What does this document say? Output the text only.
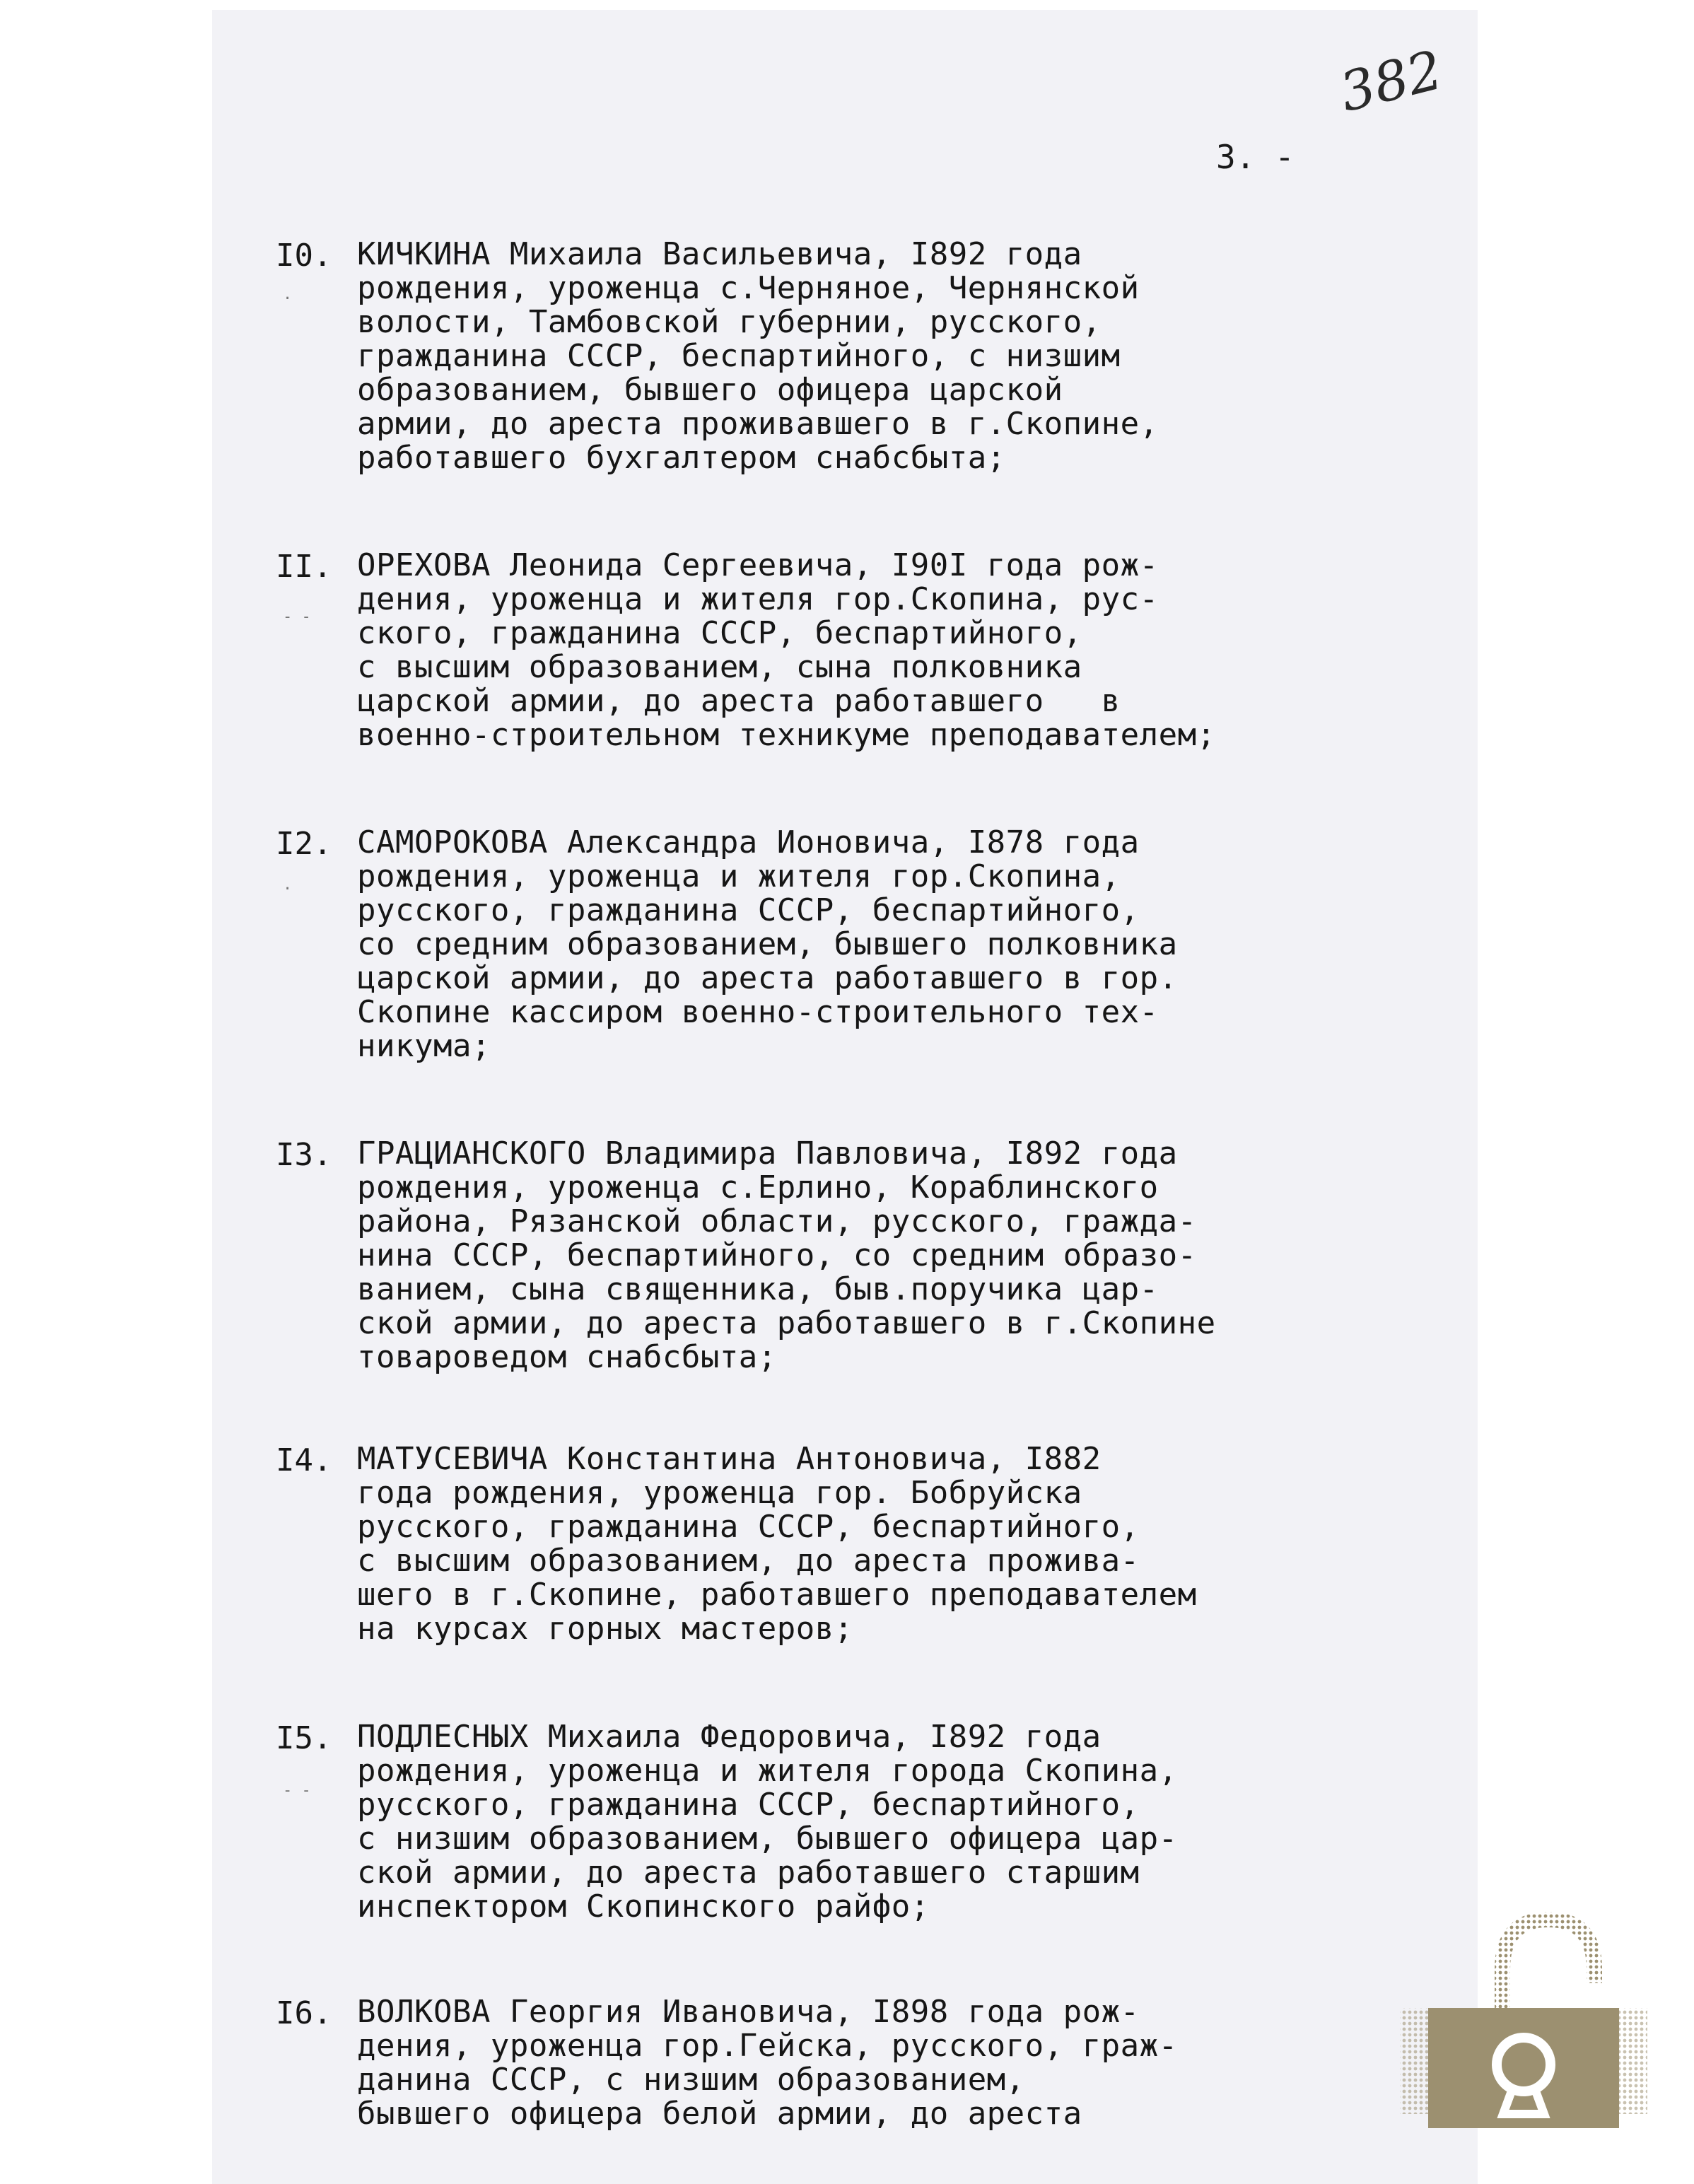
382
3. -
I0. КИЧКИНА Михаила Васильевича, I892 года
рождения, уроженца с.Черняное, Чернянской
волости, Тамбовской губернии, русского,
гражданина СССР, беспартийного, с низшим
образованием, бывшего офицера царской
армии, до ареста проживавшего в г.Скопине,
работавшего бухгалтером снабсбыта;
II. ОРЕХОВА Леонида Сергеевича, I90I года рож-
дения, уроженца и жителя гор.Скопина, рус-
ского, гражданина СССР, беспартийного,
с высшим образованием, сына полковника
царской армии, до ареста работавшего   в
военно-строительном техникуме преподавателем;
I2. САМОРОКОВА Александра Ионовича, I878 года
рождения, уроженца и жителя гор.Скопина,
русского, гражданина СССР, беспартийного,
со средним образованием, бывшего полковника
царской армии, до ареста работавшего в гор.
Скопине кассиром военно-строительного тех-
никума;
I3. ГРАЦИАНСКОГО Владимира Павловича, I892 года
рождения, уроженца с.Ерлино, Кораблинского
района, Рязанской области, русского, гражда-
нина СССР, беспартийного, со средним образо-
ванием, сына священника, быв.поручика цар-
ской армии, до ареста работавшего в г.Скопине
товароведом снабсбыта;
I4. МАТУСЕВИЧА Константина Антоновича, I882
года рождения, уроженца гор. Бобруйска
русского, гражданина СССР, беспартийного,
с высшим образованием, до ареста прожива-
шего в г.Скопине, работавшего преподавателем
на курсах горных мастеров;
I5. ПОДЛЕСНЫХ Михаила Федоровича, I892 года
рождения, уроженца и жителя города Скопина,
русского, гражданина СССР, беспартийного,
с низшим образованием, бывшего офицера цар-
ской армии, до ареста работавшего старшим
инспектором Скопинского райфо;
I6. ВОЛКОВА Георгия Ивановича, I898 года рож-
дения, уроженца гор.Гейска, русского, граж-
данина СССР, с низшим образованием,
бывшего офицера белой армии, до ареста
·
- -
·
- -
